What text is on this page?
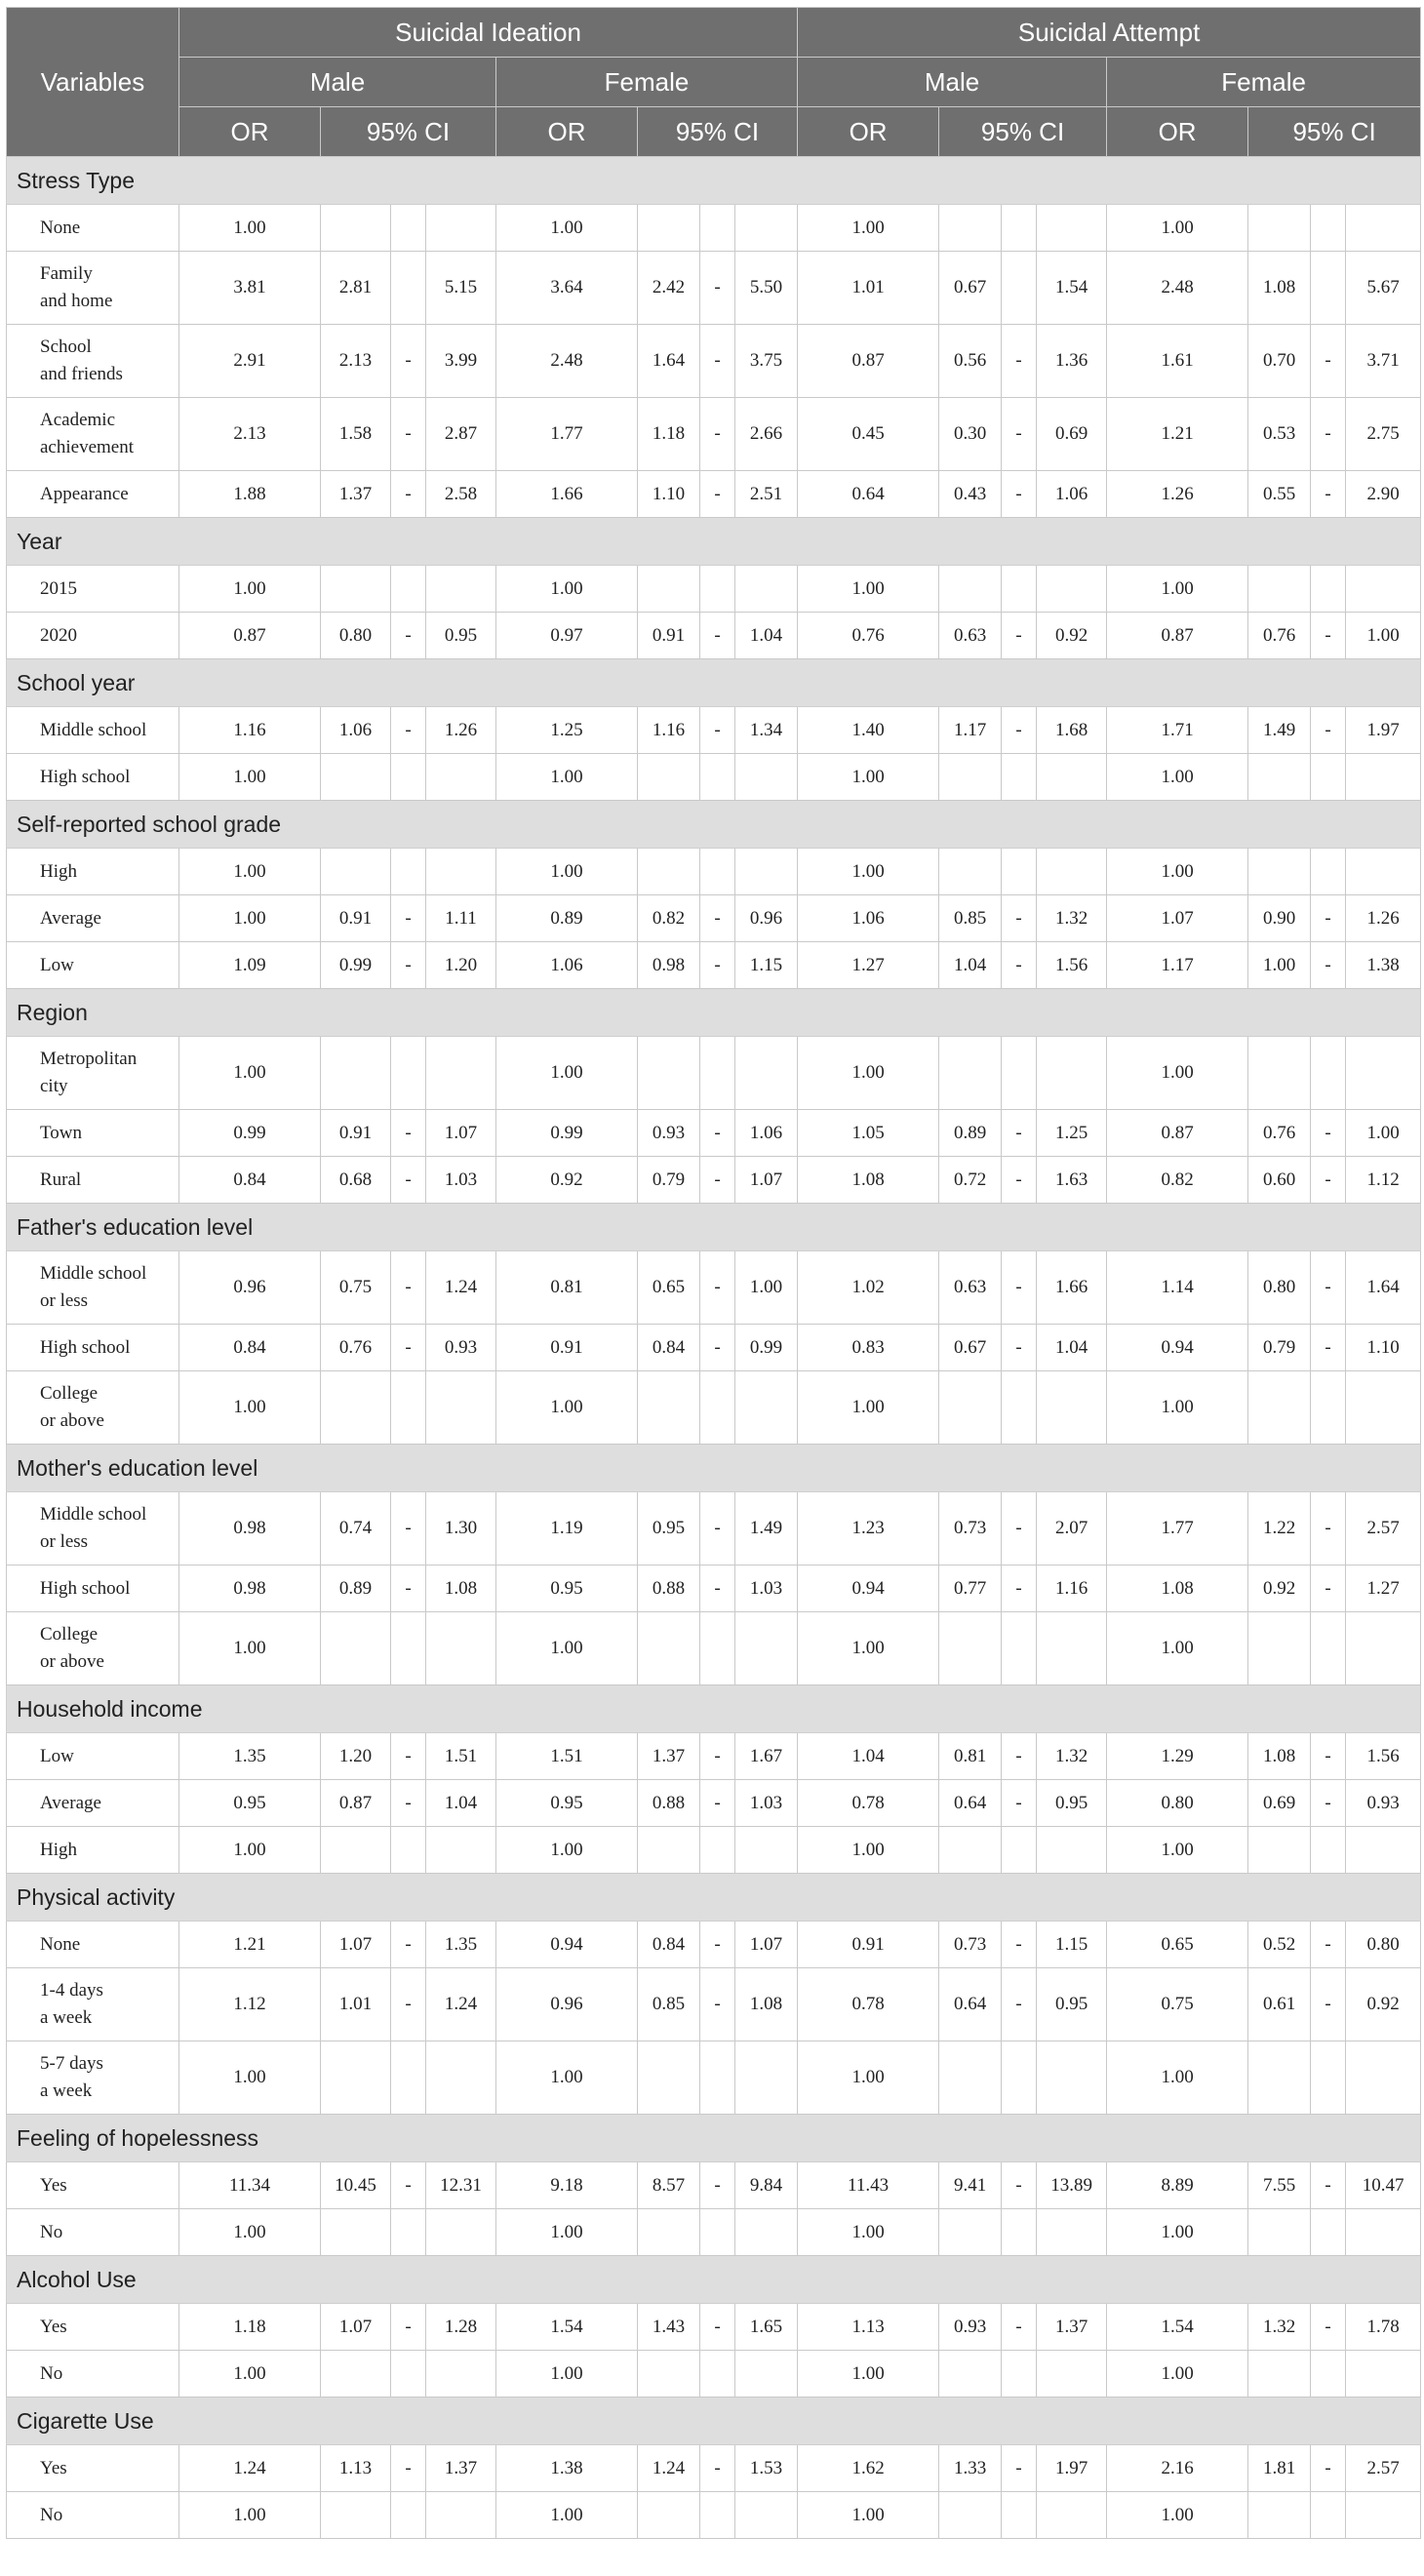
Variables	Suicidal Ideation								Suicidal Attempt							
	Male				Female				Male				Female			
	OR	95% CI			OR	95% CI			OR	95% CI			OR	95% CI		
Stress Type																
None	1.00				1.00				1.00				1.00			
Family
and home	3.81	2.81		5.15	3.64	2.42	-	5.50	1.01	0.67		1.54	2.48	1.08		5.67
School
and friends	2.91	2.13	-	3.99	2.48	1.64	-	3.75	0.87	0.56	-	1.36	1.61	0.70	-	3.71
Academic
achievement	2.13	1.58	-	2.87	1.77	1.18	-	2.66	0.45	0.30	-	0.69	1.21	0.53	-	2.75
Appearance	1.88	1.37	-	2.58	1.66	1.10	-	2.51	0.64	0.43	-	1.06	1.26	0.55	-	2.90
Year																
2015	1.00				1.00				1.00				1.00			
2020	0.87	0.80	-	0.95	0.97	0.91	-	1.04	0.76	0.63	-	0.92	0.87	0.76	-	1.00
School year																
Middle school	1.16	1.06	-	1.26	1.25	1.16	-	1.34	1.40	1.17	-	1.68	1.71	1.49	-	1.97
High school	1.00				1.00				1.00				1.00			
Self-reported school grade																
High	1.00				1.00				1.00				1.00			
Average	1.00	0.91	-	1.11	0.89	0.82	-	0.96	1.06	0.85	-	1.32	1.07	0.90	-	1.26
Low	1.09	0.99	-	1.20	1.06	0.98	-	1.15	1.27	1.04	-	1.56	1.17	1.00	-	1.38
Region																
Metropolitan
city	1.00				1.00				1.00				1.00			
Town	0.99	0.91	-	1.07	0.99	0.93	-	1.06	1.05	0.89	-	1.25	0.87	0.76	-	1.00
Rural	0.84	0.68	-	1.03	0.92	0.79	-	1.07	1.08	0.72	-	1.63	0.82	0.60	-	1.12
Father's education level																
Middle school
or less	0.96	0.75	-	1.24	0.81	0.65	-	1.00	1.02	0.63	-	1.66	1.14	0.80	-	1.64
High school	0.84	0.76	-	0.93	0.91	0.84	-	0.99	0.83	0.67	-	1.04	0.94	0.79	-	1.10
College
or above	1.00				1.00				1.00				1.00			
Mother's education level																
Middle school
or less	0.98	0.74	-	1.30	1.19	0.95	-	1.49	1.23	0.73	-	2.07	1.77	1.22	-	2.57
High school	0.98	0.89	-	1.08	0.95	0.88	-	1.03	0.94	0.77	-	1.16	1.08	0.92	-	1.27
College
or above	1.00				1.00				1.00				1.00			
Household income																
Low	1.35	1.20	-	1.51	1.51	1.37	-	1.67	1.04	0.81	-	1.32	1.29	1.08	-	1.56
Average	0.95	0.87	-	1.04	0.95	0.88	-	1.03	0.78	0.64	-	0.95	0.80	0.69	-	0.93
High	1.00				1.00				1.00				1.00			
Physical activity																
None	1.21	1.07	-	1.35	0.94	0.84	-	1.07	0.91	0.73	-	1.15	0.65	0.52	-	0.80
1-4 days
a week	1.12	1.01	-	1.24	0.96	0.85	-	1.08	0.78	0.64	-	0.95	0.75	0.61	-	0.92
5-7 days
a week	1.00				1.00				1.00				1.00			
Feeling of hopelessness																
Yes	11.34	10.45	-	12.31	9.18	8.57	-	9.84	11.43	9.41	-	13.89	8.89	7.55	-	10.47
No	1.00				1.00				1.00				1.00			
Alcohol Use																
Yes	1.18	1.07	-	1.28	1.54	1.43	-	1.65	1.13	0.93	-	1.37	1.54	1.32	-	1.78
No	1.00				1.00				1.00				1.00			
Cigarette Use																
Yes	1.24	1.13	-	1.37	1.38	1.24	-	1.53	1.62	1.33	-	1.97	2.16	1.81	-	2.57
No	1.00				1.00				1.00				1.00			
